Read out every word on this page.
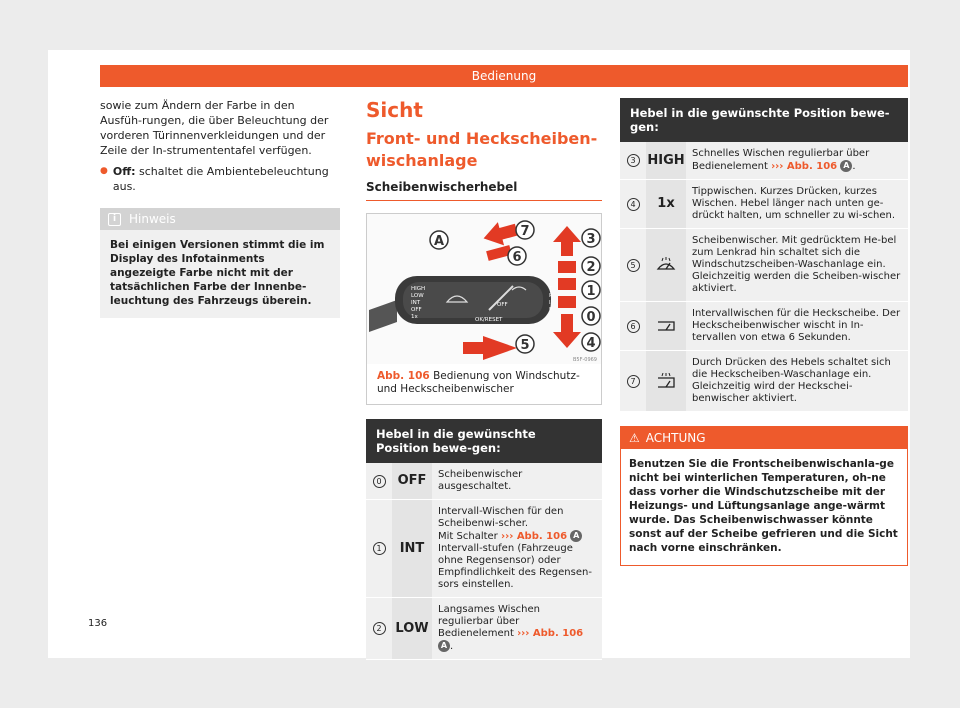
Bedienung

sowie zum Ändern der Farbe in den Ausfüh-rungen, die über Beleuchtung der vorderen Türinnenverkleidungen und der Zeile der In-strumententafel verfügen.

● Off: schaltet die Ambientebeleuchtung aus.
i	Hinweis
Bei einigen Versionen stimmt die im Display des Infotainments angezeigte Farbe nicht mit der tatsächlichen Farbe der Innenbe-leuchtung des Fahrzeugs überein.
Sicht
Front- und Heckscheiben-wischanlage
Scheibenwischerhebel
HIGH
LOW
INT
OFF
1x	OK/RESET
OFF
T
R
I
P
A
7
6
3
2
1
0
4
5
B5F-0969
Abb. 106 Bedienung von Windschutz- und Heckscheibenwischer
Hebel in die gewünschte Position bewe-gen:
0	OFF	Scheibenwischer ausgeschaltet.
1	INT	Intervall-Wischen für den Scheibenwi-scher.
Mit Schalter ››› Abb. 106 A Intervall-stufen (Fahrzeuge ohne Regensensor) oder Empfindlichkeit des Regensen-sors einstellen.
2	LOW	Langsames Wischen regulierbar über Bedienelement ››› Abb. 106 A .
Hebel in die gewünschte Position bewe-gen:
3	HIGH	Schnelles Wischen regulierbar über Bedienelement ››› Abb. 106 A .
4	1x	Tippwischen. Kurzes Drücken, kurzes Wischen. Hebel länger nach unten ge-drückt halten, um schneller zu wi-schen.
5		Scheibenwischer. Mit gedrücktem He-bel zum Lenkrad hin schaltet sich die Windschutzscheiben-Waschanlage ein. Gleichzeitig werden die Scheiben-wischer aktiviert.
6		Intervallwischen für die Heckscheibe. Der Heckscheibenwischer wischt in In-tervallen von etwa 6 Sekunden.
7		Durch Drücken des Hebels schaltet sich die Heckscheiben-Waschanlage ein. Gleichzeitig wird der Heckschei-benwischer aktiviert.
⚠ ACHTUNG
Benutzen Sie die Frontscheibenwischanla-ge nicht bei winterlichen Temperaturen, oh-ne dass vorher die Windschutzscheibe mit der Heizungs- und Lüftungsanlage ange-wärmt wurde. Das Scheibenwischwasser könnte sonst auf der Scheibe gefrieren und die Sicht nach vorne einschränken.
136
